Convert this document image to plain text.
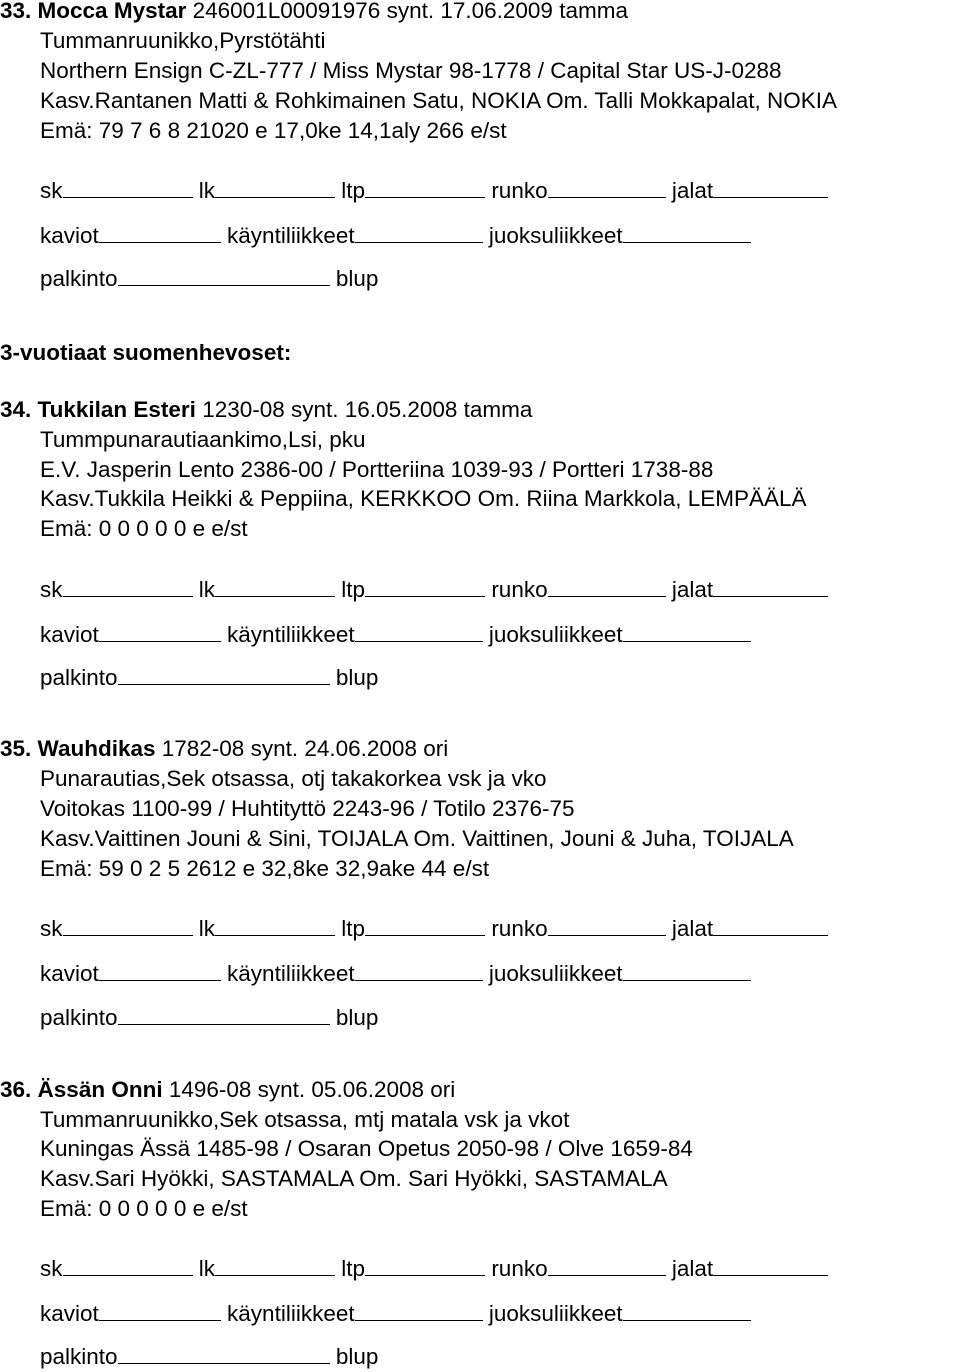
33. Mocca Mystar 246001L00091976 synt. 17.06.2009 tamma
Tummanruunikko,Pyrstötähti
Northern Ensign C-ZL-777 / Miss Mystar 98-1778 / Capital Star US-J-0288
Kasv.Rantanen Matti & Rohkimainen Satu, NOKIA Om. Talli Mokkapalat, NOKIA
Emä: 79 7 6 8 21020 e 17,0ke 14,1aly 266 e/st
sk	lk	ltp	runko	jalat
kaviot	käyntiliikkeet	juoksuliikkeet
palkinto	blup
3-vuotiaat suomenhevoset:
34. Tukkilan Esteri 1230-08 synt. 16.05.2008 tamma
Tummpunarautiaankimo,Lsi, pku
E.V. Jasperin Lento 2386-00 / Portteriina 1039-93 / Portteri 1738-88
Kasv.Tukkila Heikki & Peppiina, KERKKOO Om. Riina Markkola, LEMPÄÄLÄ
Emä: 0 0 0 0 0 e e/st
sk	lk	ltp	runko	jalat
kaviot	käyntiliikkeet	juoksuliikkeet
palkinto	blup
35. Wauhdikas 1782-08 synt. 24.06.2008 ori
Punarautias,Sek otsassa, otj takakorkea vsk ja vko
Voitokas 1100-99 / Huhtityttö 2243-96 / Totilo 2376-75
Kasv.Vaittinen Jouni & Sini, TOIJALA Om. Vaittinen, Jouni & Juha, TOIJALA
Emä: 59 0 2 5 2612 e 32,8ke 32,9ake 44 e/st
sk	lk	ltp	runko	jalat
kaviot	käyntiliikkeet	juoksuliikkeet
palkinto	blup
36. Ässän Onni 1496-08 synt. 05.06.2008 ori
Tummanruunikko,Sek otsassa, mtj matala vsk ja vkot
Kuningas Ässä 1485-98 / Osaran Opetus 2050-98 / Olve 1659-84
Kasv.Sari Hyökki, SASTAMALA Om. Sari Hyökki, SASTAMALA
Emä: 0 0 0 0 0 e e/st
sk	lk	ltp	runko	jalat
kaviot	käyntiliikkeet	juoksuliikkeet
palkinto	blup
